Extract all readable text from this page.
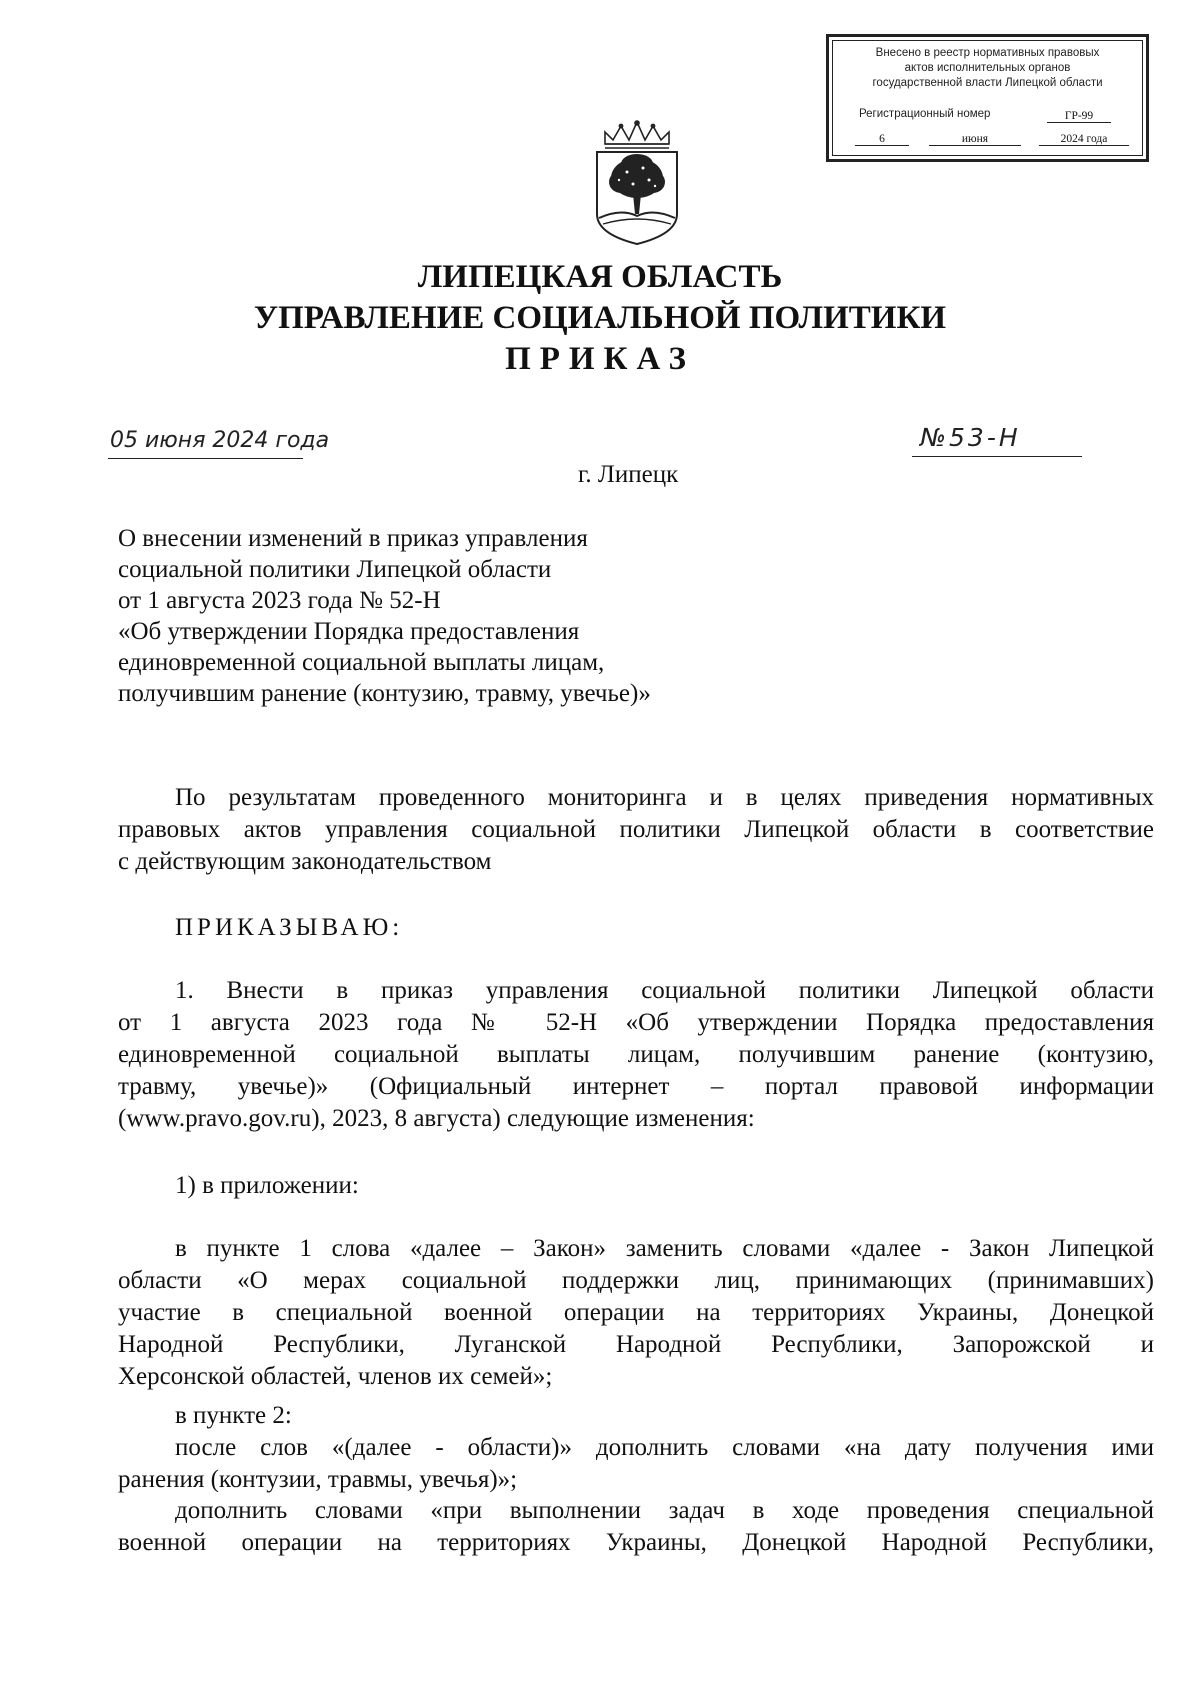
Внесено в реестр нормативных правовых
актов исполнительных органов
государственной власти Липецкой области
Регистрационный номер	ГР-99
6	июня	2024 года
ЛИПЕЦКАЯ ОБЛАСТЬ
УПРАВЛЕНИЕ СОЦИАЛЬНОЙ ПОЛИТИКИ
ПРИКАЗ
05 июня 2024 года	№53-Н
г. Липецк
О внесении изменений в приказ управления
социальной политики Липецкой области
от 1 августа 2023 года № 52-Н
«Об утверждении Порядка предоставления
единовременной социальной выплаты лицам,
получившим ранение (контузию, травму, увечье)»
По результатам проведенного мониторинга и в целях приведения нормативных
правовых актов управления социальной политики Липецкой области в соответствие
с действующим законодательством
ПРИКАЗЫВАЮ:
1. Внести в приказ управления социальной политики Липецкой области
от 1 августа 2023 года № 52-Н «Об утверждении Порядка предоставления
единовременной социальной выплаты лицам, получившим ранение (контузию,
травму, увечье)» (Официальный интернет – портал правовой информации
(www.pravo.gov.ru), 2023, 8 августа) следующие изменения:
1) в приложении:
в пункте 1 слова «далее – Закон» заменить словами «далее - Закон Липецкой
области «О мерах социальной поддержки лиц, принимающих (принимавших)
участие в специальной военной операции на территориях Украины, Донецкой
Народной Республики, Луганской Народной Республики, Запорожской и
Херсонской областей, членов их семей»;
в пункте 2:
после слов «(далее - области)» дополнить словами «на дату получения ими
ранения (контузии, травмы, увечья)»;
дополнить словами «при выполнении задач в ходе проведения специальной
военной операции на территориях Украины, Донецкой Народной Республики,
